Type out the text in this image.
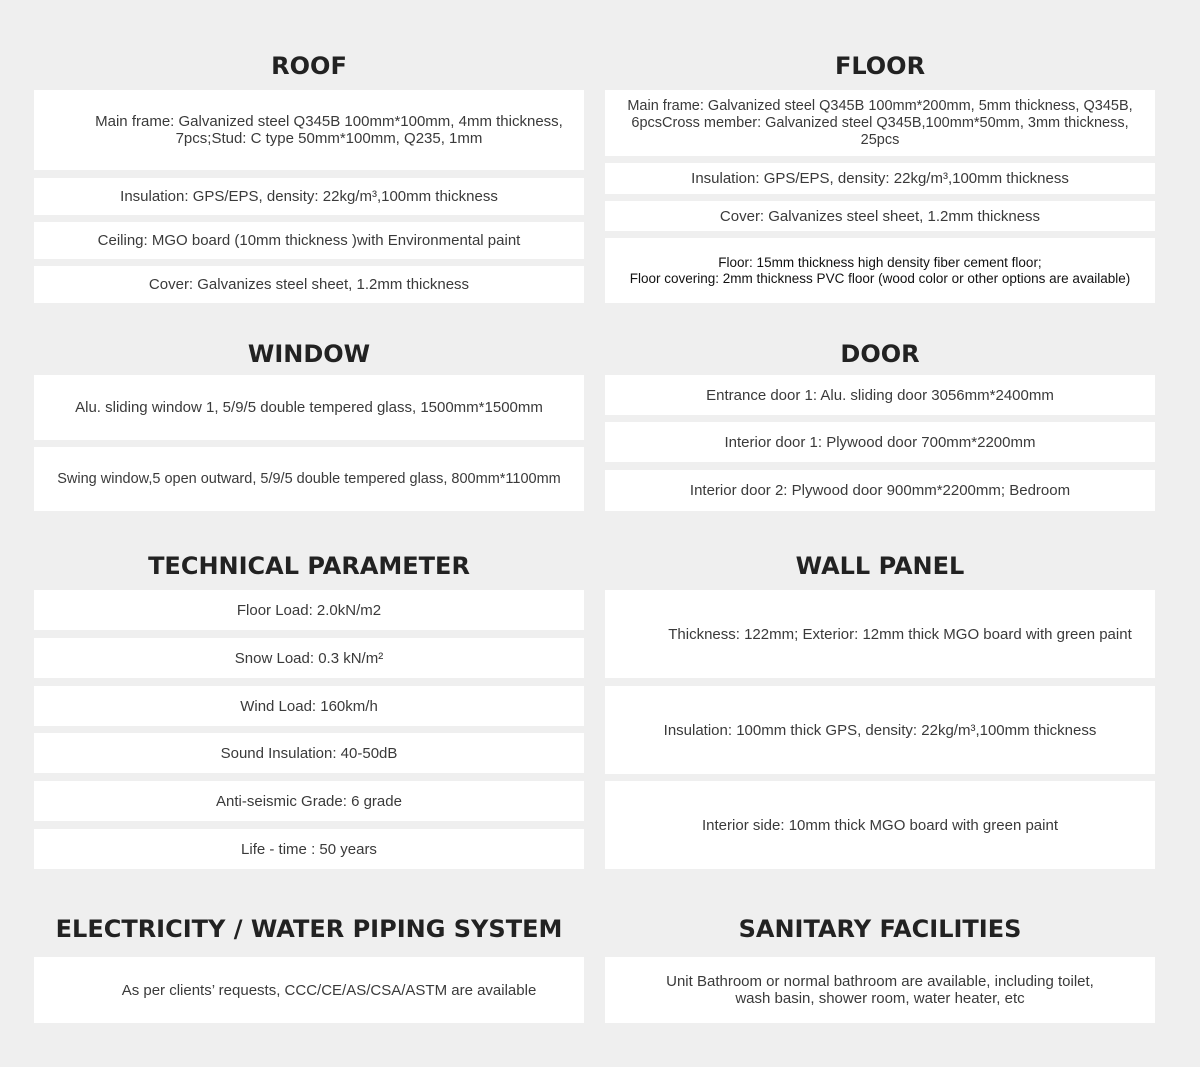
ROOF
Main frame: Galvanized steel Q345B 100mm*100mm, 4mm thickness,
7pcs;Stud: C type 50mm*100mm, Q235, 1mm
Insulation: GPS/EPS, density: 22kg/m³,100mm thickness
Ceiling: MGO board (10mm thickness )with Environmental paint
Cover: Galvanizes steel sheet, 1.2mm thickness
FLOOR
Main frame: Galvanized steel Q345B 100mm*200mm, 5mm thickness, Q345B,
6pcsCross member: Galvanized steel Q345B,100mm*50mm, 3mm thickness, 25pcs
Insulation: GPS/EPS, density: 22kg/m³,100mm thickness
Cover: Galvanizes steel sheet, 1.2mm thickness
Floor: 15mm thickness high density fiber cement floor;
Floor covering: 2mm thickness PVC floor (wood color or other options are available)
WINDOW
Alu. sliding window 1, 5/9/5 double tempered glass, 1500mm*1500mm
Swing window,5 open outward, 5/9/5 double tempered glass, 800mm*1100mm
DOOR
Entrance door 1: Alu. sliding door 3056mm*2400mm
Interior door 1: Plywood door 700mm*2200mm
Interior door 2: Plywood door 900mm*2200mm; Bedroom
TECHNICAL PARAMETER
Floor Load: 2.0kN/m2
Snow Load: 0.3 kN/m²
Wind Load: 160km/h
Sound Insulation: 40-50dB
Anti-seismic Grade: 6 grade
Life - time : 50 years
WALL PANEL
Thickness: 122mm; Exterior: 12mm thick MGO board with green paint
Insulation: 100mm thick GPS, density: 22kg/m³,100mm thickness
Interior side: 10mm thick MGO board with green paint
ELECTRICITY / WATER PIPING SYSTEM
As per clients’ requests, CCC/CE/AS/CSA/ASTM are available
SANITARY FACILITIES
Unit Bathroom or normal bathroom are available, including toilet,
wash basin, shower room, water heater, etc
